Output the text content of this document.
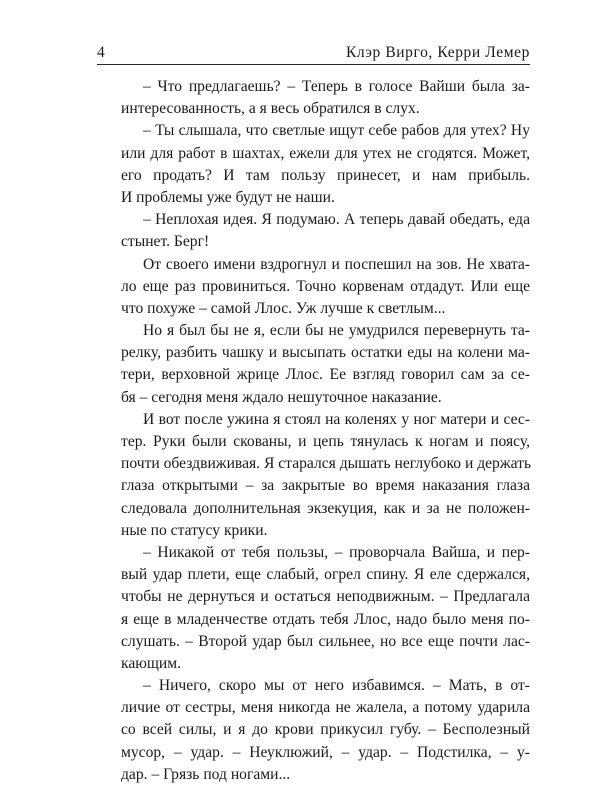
4	Клэр Вирго, Керри Лемер
– Что предлагаешь? – Теперь в голосе Вайши была за-
интересованность, а я весь обратился в слух.
– Ты слышала, что светлые ищут себе рабов для утех? Ну
или для работ в шахтах, ежели для утех не сгодятся. Может,
его продать? И там пользу принесет, и нам прибыль.
И проблемы уже будут не наши.
– Неплохая идея. Я подумаю. А теперь давай обедать, еда
стынет. Берг!
От своего имени вздрогнул и поспешил на зов. Не хвата-
ло еще раз провиниться. Точно корвенам отдадут. Или еще
что похуже – самой Ллос. Уж лучше к светлым...
Но я был бы не я, если бы не умудрился перевернуть та-
релку, разбить чашку и высыпать остатки еды на колени ма-
тери, верховной жрице Ллос. Ее взгляд говорил сам за се-
бя – сегодня меня ждало нешуточное наказание.
И вот после ужина я стоял на коленях у ног матери и сес-
тер. Руки были скованы, и цепь тянулась к ногам и поясу,
почти обездвиживая. Я старался дышать неглубоко и держать
глаза открытыми – за закрытые во время наказания глаза
следовала дополнительная экзекуция, как и за не положен-
ные по статусу крики.
– Никакой от тебя пользы, – проворчала Вайша, и пер-
вый удар плети, еще слабый, огрел спину. Я еле сдержался,
чтобы не дернуться и остаться неподвижным. – Предлагала
я еще в младенчестве отдать тебя Ллос, надо было меня по-
слушать. – Второй удар был сильнее, но все еще почти лас-
кающим.
– Ничего, скоро мы от него избавимся. – Мать, в от-
личие от сестры, меня никогда не жалела, а потому ударила
со всей силы, и я до крови прикусил губу. – Бесполезный
мусор, – удар. – Неуклюжий, – удар. – Подстилка, – у-
дар. – Грязь под ногами...
